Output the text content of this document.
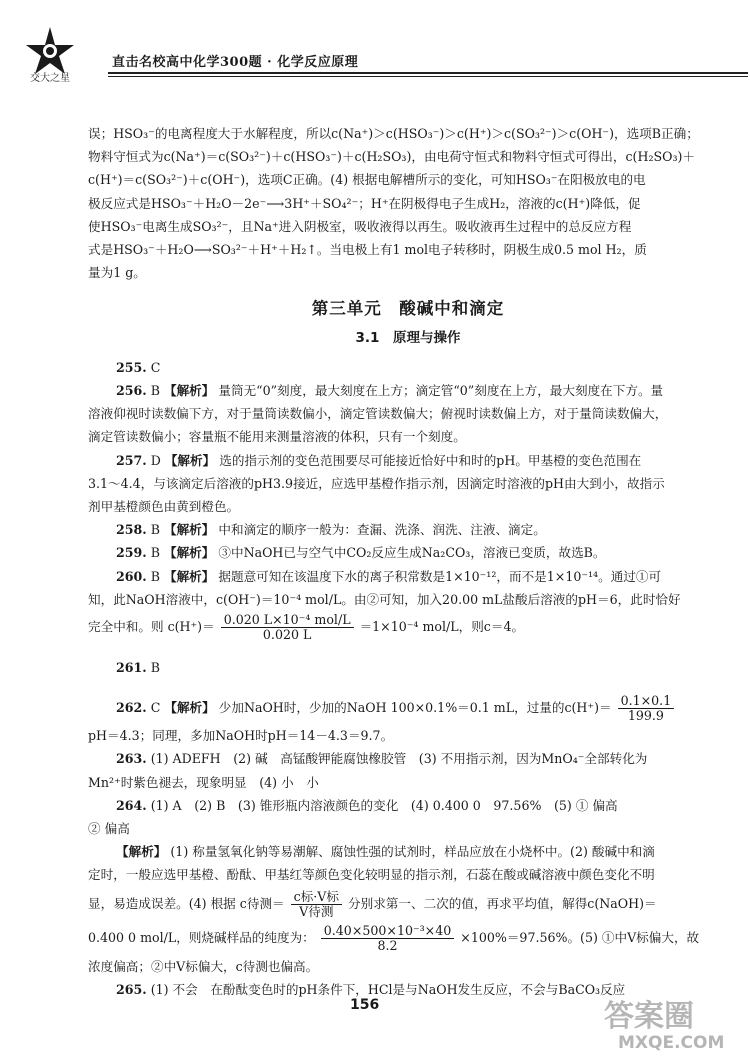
交大之星
直击名校高中化学300题 · 化学反应原理

误；HSO₃⁻的电离程度大于水解程度，所以c(Na⁺)＞c(HSO₃⁻)＞c(H⁺)＞c(SO₃²⁻)＞c(OH⁻)，选项B正确；

物料守恒式为c(Na⁺)＝c(SO₃²⁻)＋c(HSO₃⁻)＋c(H₂SO₃)，由电荷守恒式和物料守恒式可得出，c(H₂SO₃)＋

c(H⁺)＝c(SO₃²⁻)＋c(OH⁻)，选项C正确。(4) 根据电解槽所示的变化，可知HSO₃⁻在阳极放电的电

极反应式是HSO₃⁻＋H₂O－2e⁻⟶3H⁺＋SO₄²⁻；H⁺在阴极得电子生成H₂，溶液的c(H⁺)降低，促

使HSO₃⁻电离生成SO₃²⁻，且Na⁺进入阴极室，吸收液得以再生。吸收液再生过程中的总反应方程

式是HSO₃⁻＋H₂O⟶SO₃²⁻＋H⁺＋H₂↑。当电极上有1 mol电子转移时，阴极生成0.5 mol H₂，质

量为1 g。

第三单元　酸碱中和滴定
3.1　原理与操作

255. C

256. B 【解析】 量筒无“0”刻度，最大刻度在上方；滴定管“0”刻度在上方，最大刻度在下方。量

溶液仰视时读数偏下方，对于量筒读数偏小，滴定管读数偏大；俯视时读数偏上方，对于量筒读数偏大，

滴定管读数偏小；容量瓶不能用来测量溶液的体积，只有一个刻度。

257. D 【解析】 选的指示剂的变色范围要尽可能接近恰好中和时的pH。甲基橙的变色范围在

3.1～4.4，与该滴定后溶液的pH3.9接近，应选甲基橙作指示剂，因滴定时溶液的pH由大到小，故指示

剂甲基橙颜色由黄到橙色。

258. B 【解析】 中和滴定的顺序一般为：查漏、洗涤、润洗、注液、滴定。

259. B 【解析】 ③中NaOH已与空气中CO₂反应生成Na₂CO₃，溶液已变质，故选B。

260. B 【解析】 据题意可知在该温度下水的离子积常数是1×10⁻¹²，而不是1×10⁻¹⁴。通过①可

知，此NaOH溶液中，c(OH⁻)＝10⁻⁴ mol/L。由②可知，加入20.00 mL盐酸后溶液的pH＝6，此时恰好

完全中和。则 $c(H^+)= \frac{\text{0.020 L×10⁻⁴ mol/L}}{0.020 L} =1\times 10^{-4}$ mol/L，则c＝4。

261. B

262. C 【解析】 少加NaOH时，少加的NaOH 100×0.1%＝0.1 mL，过量的$c(H^+)= \frac{0.1\times 0.1}{199.9}$

pH＝4.3；同理，多加NaOH时pH＝14－4.3＝9.7。

263. (1) ADEFH　(2) 碱　高锰酸钾能腐蚀橡胶管　(3) 不用指示剂，因为MnO₄⁻全部转化为

Mn²⁺时紫色褪去，现象明显　(4) 小　小

264. (1) A　(2) B　(3) 锥形瓶内溶液颜色的变化　(4) 0.400 0　97.56%　(5) ① 偏高

② 偏高

【解析】 (1) 称量氢氧化钠等易潮解、腐蚀性强的试剂时，样品应放在小烧杯中。(2) 酸碱中和滴

定时，一般应选甲基橙、酚酞、甲基红等颜色变化较明显的指示剂，石蕊在酸或碱溶液中颜色变化不明

显，易造成误差。(4) 根据 c待测＝ $\frac{\text{c标·V标}}{\text{V待测}}$ 分别求第一、二次的值，再求平均值，解得c(NaOH)＝

0.400 0 mol/L，则烧碱样品的纯度为： $\frac{\text{0.40×500×10⁻³×40}}{8.2} \times 100\%=97.56\%$。(5) ①中V标偏大，故

浓度偏高；②中V标偏大，c待测也偏高。

265. (1) 不会　在酚酞变色时的pH条件下，HCl是与NaOH发生反应，不会与BaCO₃反应

156	答案圈
MXQE.COM
